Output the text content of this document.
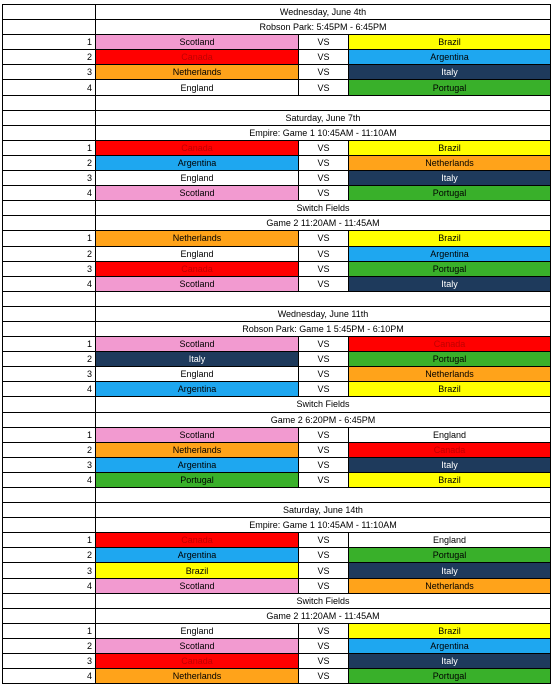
	Wednesday, June 4th		
	Robson Park: 5:45PM - 6:45PM		
1	Scotland	VS	Brazil
2	Canada	VS	Argentina
3	Netherlands	VS	Italy
4	England	VS	Portugal

	Saturday, June 7th		
	Empire: Game 1 10:45AM - 11:10AM		
1	Canada	VS	Brazil
2	Argentina	VS	Netherlands
3	England	VS	Italy
4	Scotland	VS	Portugal
	Switch Fields		
	Game 2 11:20AM - 11:45AM		
1	Netherlands	VS	Brazil
2	England	VS	Argentina
3	Canada	VS	Portugal
4	Scotland	VS	Italy

	Wednesday, June 11th		
	Robson Park: Game 1 5:45PM - 6:10PM		
1	Scotland	VS	Canada
2	Italy	VS	Portugal
3	England	VS	Netherlands
4	Argentina	VS	Brazil
	Switch Fields		
	Game 2 6:20PM - 6:45PM		
1	Scotland	VS	England
2	Netherlands	VS	Canada
3	Argentina	VS	Italy
4	Portugal	VS	Brazil

	Saturday, June 14th		
	Empire: Game 1 10:45AM - 11:10AM		
1	Canada	VS	England
2	Argentina	VS	Portugal
3	Brazil	VS	Italy
4	Scotland	VS	Netherlands
	Switch Fields		
	Game 2 11:20AM - 11:45AM		
1	England	VS	Brazil
2	Scotland	VS	Argentina
3	Canada	VS	Italy
4	Netherlands	VS	Portugal
